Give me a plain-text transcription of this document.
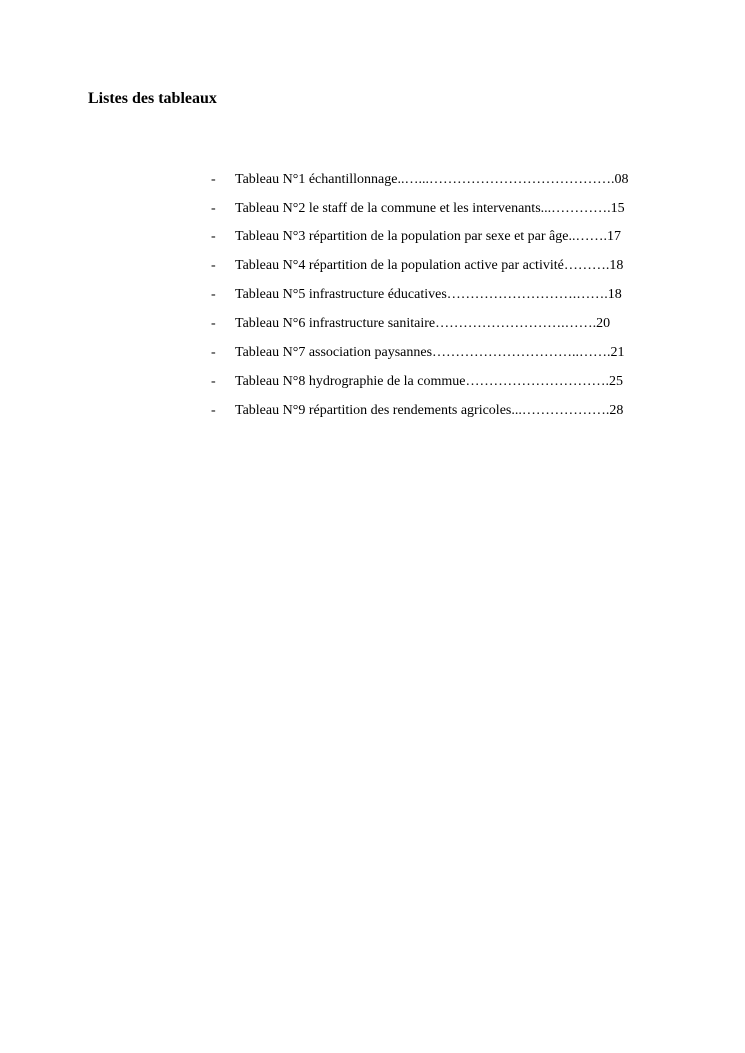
Listes des tableaux
- Tableau N°1 échantillonnage..…...………………………………….08
- Tableau N°2 le staff de la commune et les intervenants...………….15
- Tableau N°3 répartition de la population par sexe et par âge..…….17
- Tableau N°4 répartition de la population active par activité……….18
- Tableau N°5 infrastructure éducatives……………………….…….18
- Tableau N°6 infrastructure sanitaire……………………….…….20
- Tableau N°7 association paysannes…………………………..…….21
- Tableau N°8 hydrographie de la commue………………………….25
- Tableau N°9 répartition des rendements agricoles...……………….28
